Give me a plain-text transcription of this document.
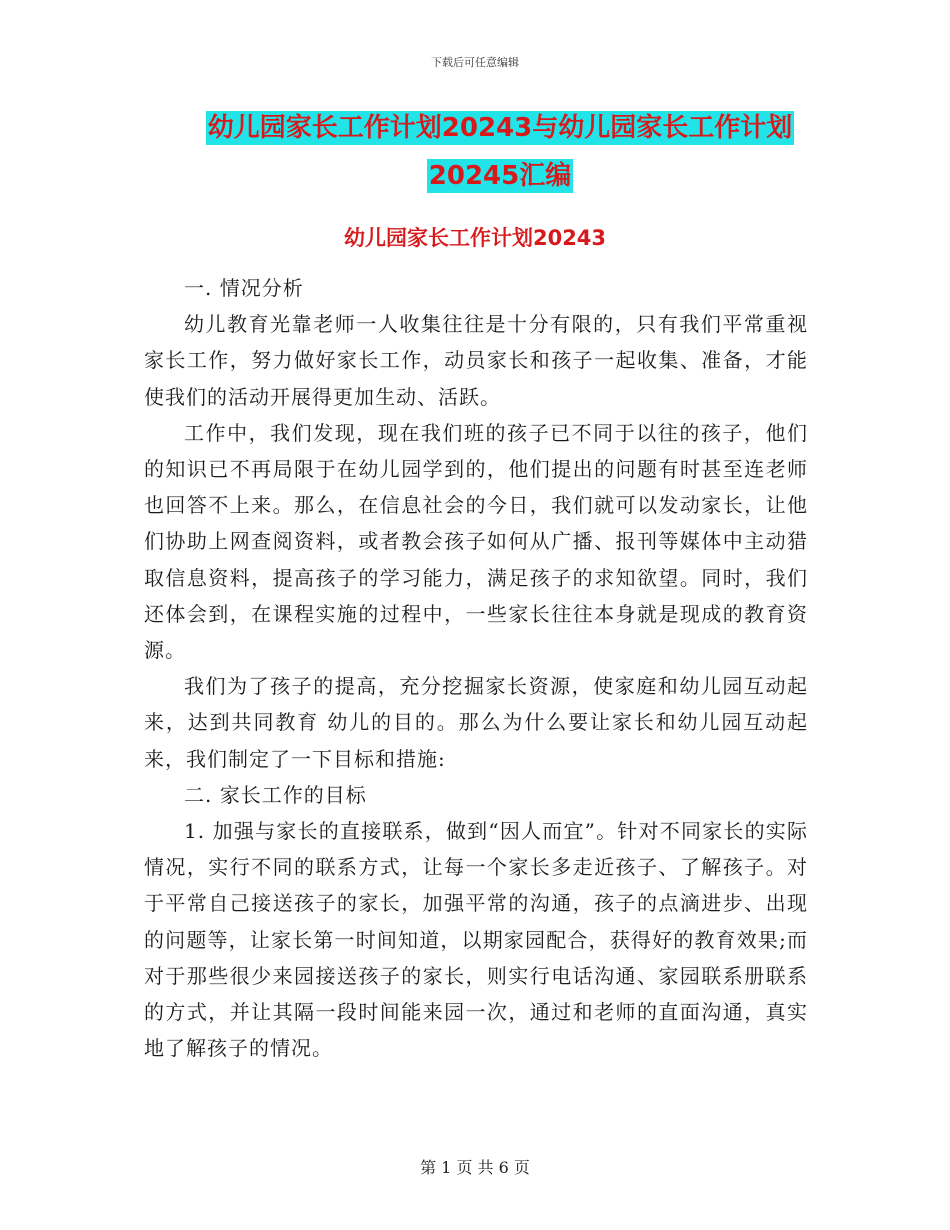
下载后可任意编辑
幼儿园家长工作计划20243与幼儿园家长工作计划
20245汇编
幼儿园家长工作计划20243

一. 情况分析

幼儿教育光靠老师一人收集往往是十分有限的，只有我们平常重视家长工作，努力做好家长工作，动员家长和孩子一起收集、准备，才能使我们的活动开展得更加生动、活跃。

工作中，我们发现，现在我们班的孩子已不同于以往的孩子，他们的知识已不再局限于在幼儿园学到的，他们提出的问题有时甚至连老师也回答不上来。那么，在信息社会的今日，我们就可以发动家长，让他们协助上网查阅资料，或者教会孩子如何从广播、报刊等媒体中主动猎取信息资料，提高孩子的学习能力，满足孩子的求知欲望。同时，我们还体会到，在课程实施的过程中，一些家长往往本身就是现成的教育资源。

我们为了孩子的提高，充分挖掘家长资源，使家庭和幼儿园互动起来，达到共同教育 幼儿的目的。那么为什么要让家长和幼儿园互动起来，我们制定了一下目标和措施:

二. 家长工作的目标

1. 加强与家长的直接联系，做到“因人而宜”。针对不同家长的实际情况，实行不同的联系方式，让每一个家长多走近孩子、了解孩子。对于平常自己接送孩子的家长，加强平常的沟通，孩子的点滴进步、出现的问题等，让家长第一时间知道，以期家园配合，获得好的教育效果;而对于那些很少来园接送孩子的家长，则实行电话沟通、家园联系册联系的方式，并让其隔一段时间能来园一次，通过和老师的直面沟通，真实地了解孩子的情况。

第 1 页 共 6 页
